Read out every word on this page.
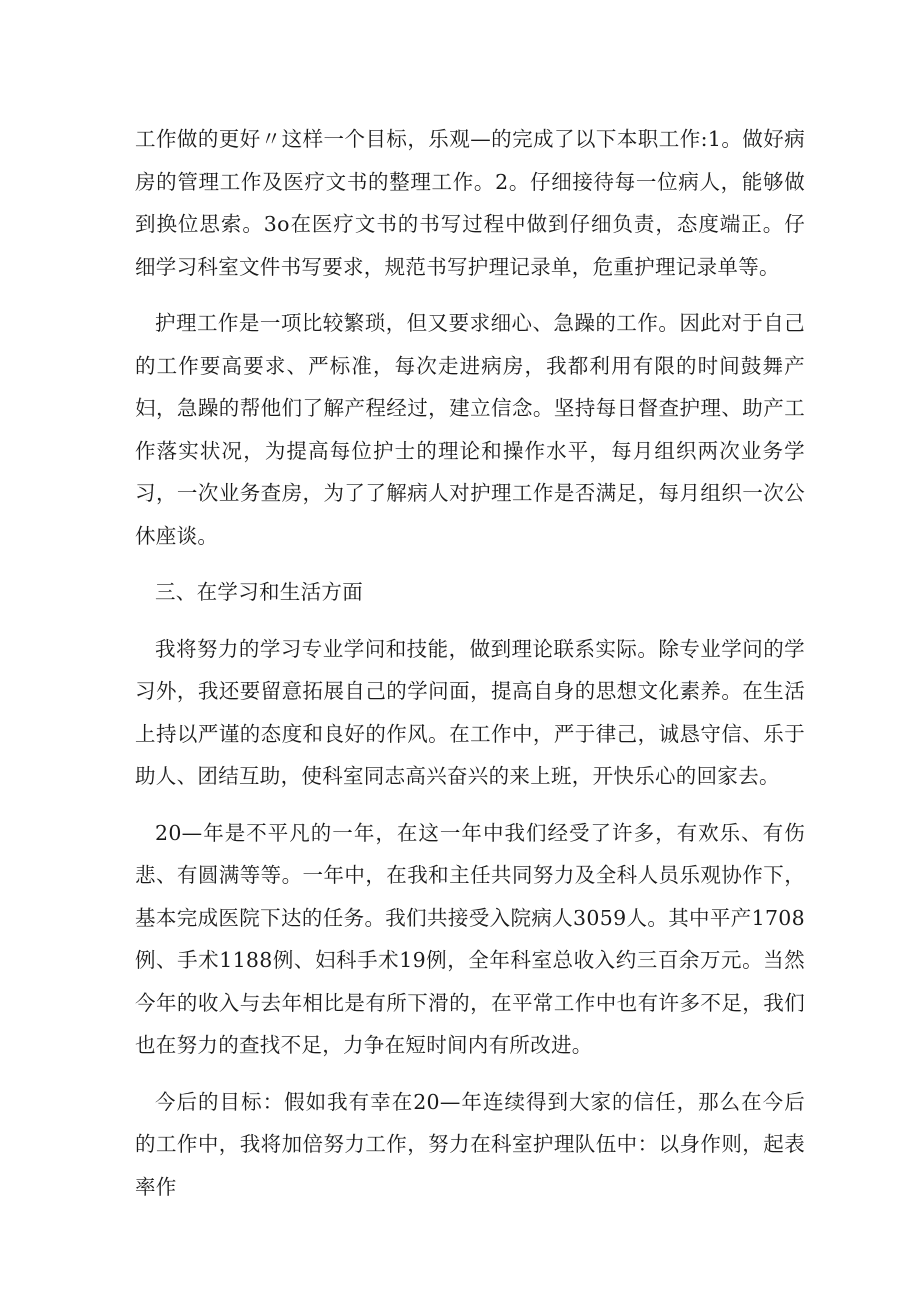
工作做的更好〃这样一个目标，乐观—的完成了以下本职工作:1。做好病房的管理工作及医疗文书的整理工作。2。仔细接待每一位病人，能够做到换位思索。3o在医疗文书的书写过程中做到仔细负责，态度端正。仔细学习科室文件书写要求，规范书写护理记录单，危重护理记录单等。

护理工作是一项比较繁琐，但又要求细心、急躁的工作。因此对于自己的工作要高要求、严标准，每次走进病房，我都利用有限的时间鼓舞产妇，急躁的帮他们了解产程经过，建立信念。坚持每日督查护理、助产工作落实状况，为提高每位护士的理论和操作水平，每月组织两次业务学习，一次业务查房，为了了解病人对护理工作是否满足，每月组织一次公休座谈。

三、在学习和生活方面

我将努力的学习专业学问和技能，做到理论联系实际。除专业学问的学习外，我还要留意拓展自己的学问面，提高自身的思想文化素养。在生活上持以严谨的态度和良好的作风。在工作中，严于律己，诚恳守信、乐于助人、团结互助，使科室同志高兴奋兴的来上班，开快乐心的回家去。

20—年是不平凡的一年，在这一年中我们经受了许多，有欢乐、有伤悲、有圆满等等。一年中，在我和主任共同努力及全科人员乐观协作下，基本完成医院下达的任务。我们共接受入院病人3059人。其中平产1708例、手术1188例、妇科手术19例，全年科室总收入约三百余万元。当然今年的收入与去年相比是有所下滑的，在平常工作中也有许多不足，我们也在努力的查找不足，力争在短时间内有所改进。

今后的目标：假如我有幸在20—年连续得到大家的信任，那么在今后的工作中，我将加倍努力工作，努力在科室护理队伍中：以身作则，起表率作
